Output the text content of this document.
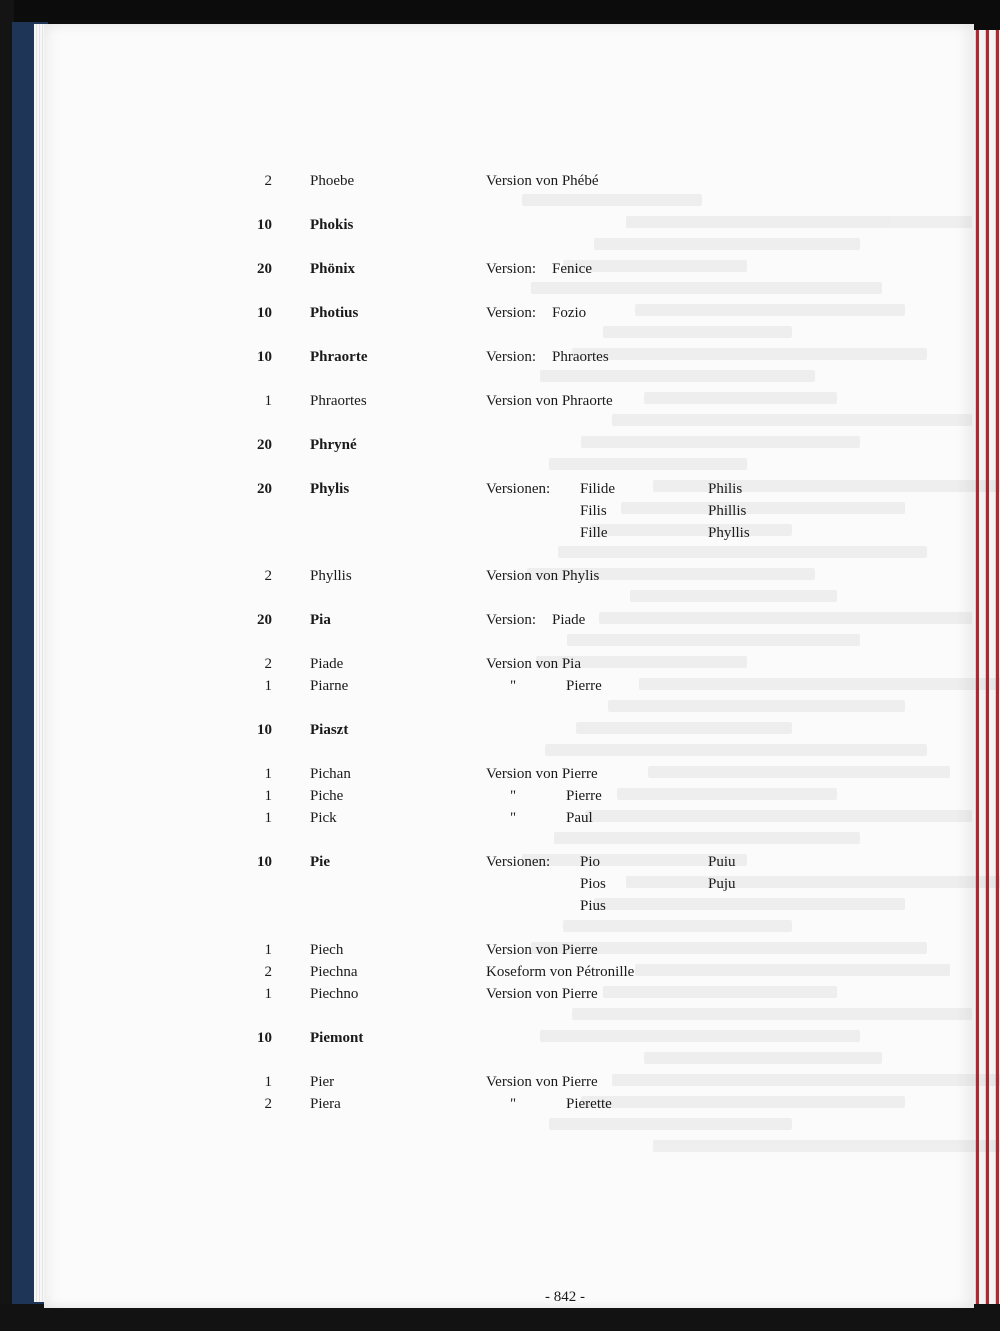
2	Phoebe	Version von Phébé
10	Phokis
20	Phönix	Version: Fenice
10	Photius	Version: Fozio
10	Phraorte	Version: Phraortes
1	Phraortes	Version von Phraorte
20	Phryné
20	Phylis	Versionen: Filide	Philis
Filis	Phillis
Fille	Phyllis
2	Phyllis	Version von Phylis
20	Pia	Version: Piade
2	Piade	Version von Pia
1	Piarne	"	Pierre
10	Piaszt
1	Pichan	Version von Pierre
1	Piche	"	Pierre
1	Pick	"	Paul
10	Pie	Versionen: Pio	Puiu
Pios	Puju
Pius
1	Piech	Version von Pierre
2	Piechna	Koseform von Pétronille
1	Piechno	Version von Pierre
10	Piemont
1	Pier	Version von Pierre
2	Piera	"	Pierette
- 842 -
